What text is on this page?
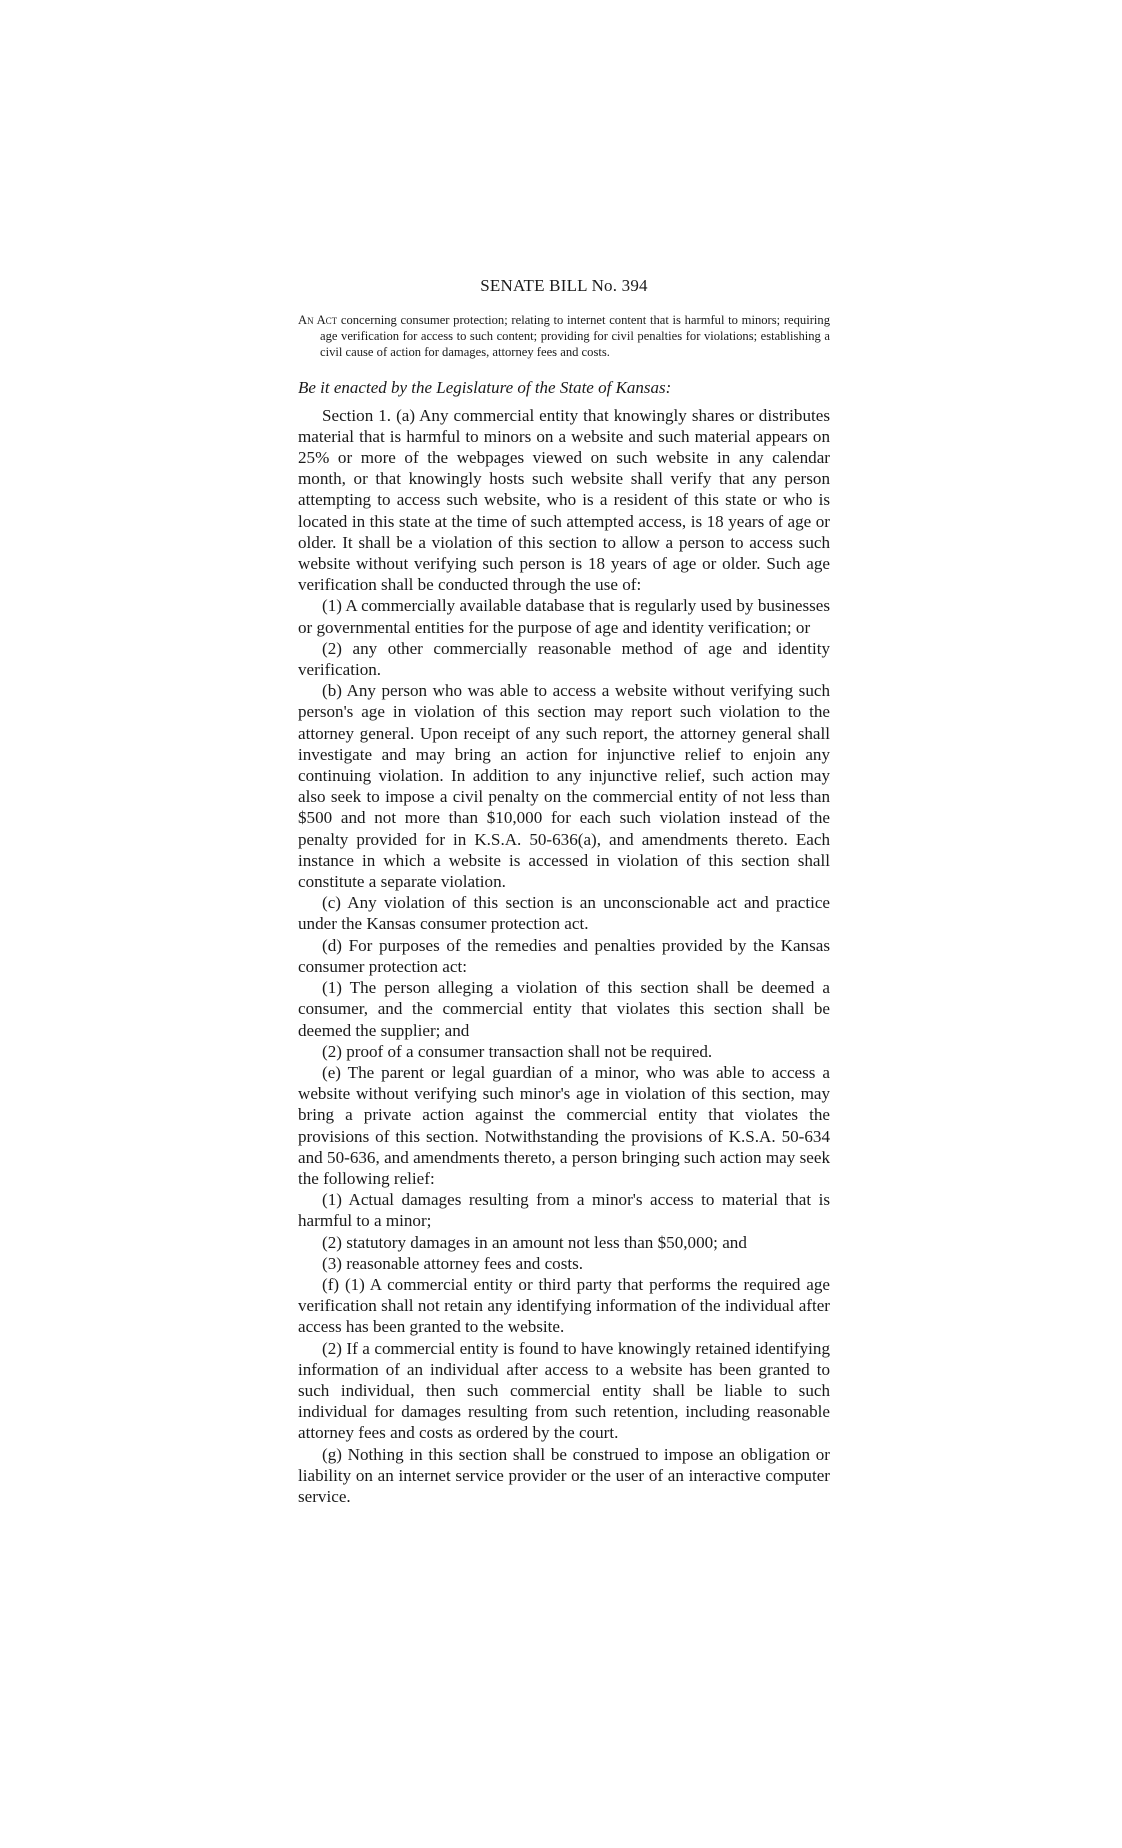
SENATE BILL No. 394

An Act concerning consumer protection; relating to internet content that is harmful to minors; requiring age verification for access to such content; providing for civil penalties for violations; establishing a civil cause of action for damages, attorney fees and costs.

Be it enacted by the Legislature of the State of Kansas:

Section 1. (a) Any commercial entity that knowingly shares or distributes material that is harmful to minors on a website and such material appears on 25% or more of the webpages viewed on such website in any calendar month, or that knowingly hosts such website shall verify that any person attempting to access such website, who is a resident of this state or who is located in this state at the time of such attempted access, is 18 years of age or older. It shall be a violation of this section to allow a person to access such website without verifying such person is 18 years of age or older. Such age verification shall be conducted through the use of:

(1) A commercially available database that is regularly used by businesses or governmental entities for the purpose of age and identity verification; or

(2) any other commercially reasonable method of age and identity verification.

(b) Any person who was able to access a website without verifying such person's age in violation of this section may report such violation to the attorney general. Upon receipt of any such report, the attorney general shall investigate and may bring an action for injunctive relief to enjoin any continuing violation. In addition to any injunctive relief, such action may also seek to impose a civil penalty on the commercial entity of not less than $500 and not more than $10,000 for each such violation instead of the penalty provided for in K.S.A. 50-636(a), and amendments thereto. Each instance in which a website is accessed in violation of this section shall constitute a separate violation.

(c) Any violation of this section is an unconscionable act and practice under the Kansas consumer protection act.

(d) For purposes of the remedies and penalties provided by the Kansas consumer protection act:

(1) The person alleging a violation of this section shall be deemed a consumer, and the commercial entity that violates this section shall be deemed the supplier; and

(2) proof of a consumer transaction shall not be required.

(e) The parent or legal guardian of a minor, who was able to access a website without verifying such minor's age in violation of this section, may bring a private action against the commercial entity that violates the provisions of this section. Notwithstanding the provisions of K.S.A. 50-634 and 50-636, and amendments thereto, a person bringing such action may seek the following relief:

(1) Actual damages resulting from a minor's access to material that is harmful to a minor;

(2) statutory damages in an amount not less than $50,000; and

(3) reasonable attorney fees and costs.

(f) (1) A commercial entity or third party that performs the required age verification shall not retain any identifying information of the individual after access has been granted to the website.

(2) If a commercial entity is found to have knowingly retained identifying information of an individual after access to a website has been granted to such individual, then such commercial entity shall be liable to such individual for damages resulting from such retention, including reasonable attorney fees and costs as ordered by the court.

(g) Nothing in this section shall be construed to impose an obligation or liability on an internet service provider or the user of an interactive computer service.
